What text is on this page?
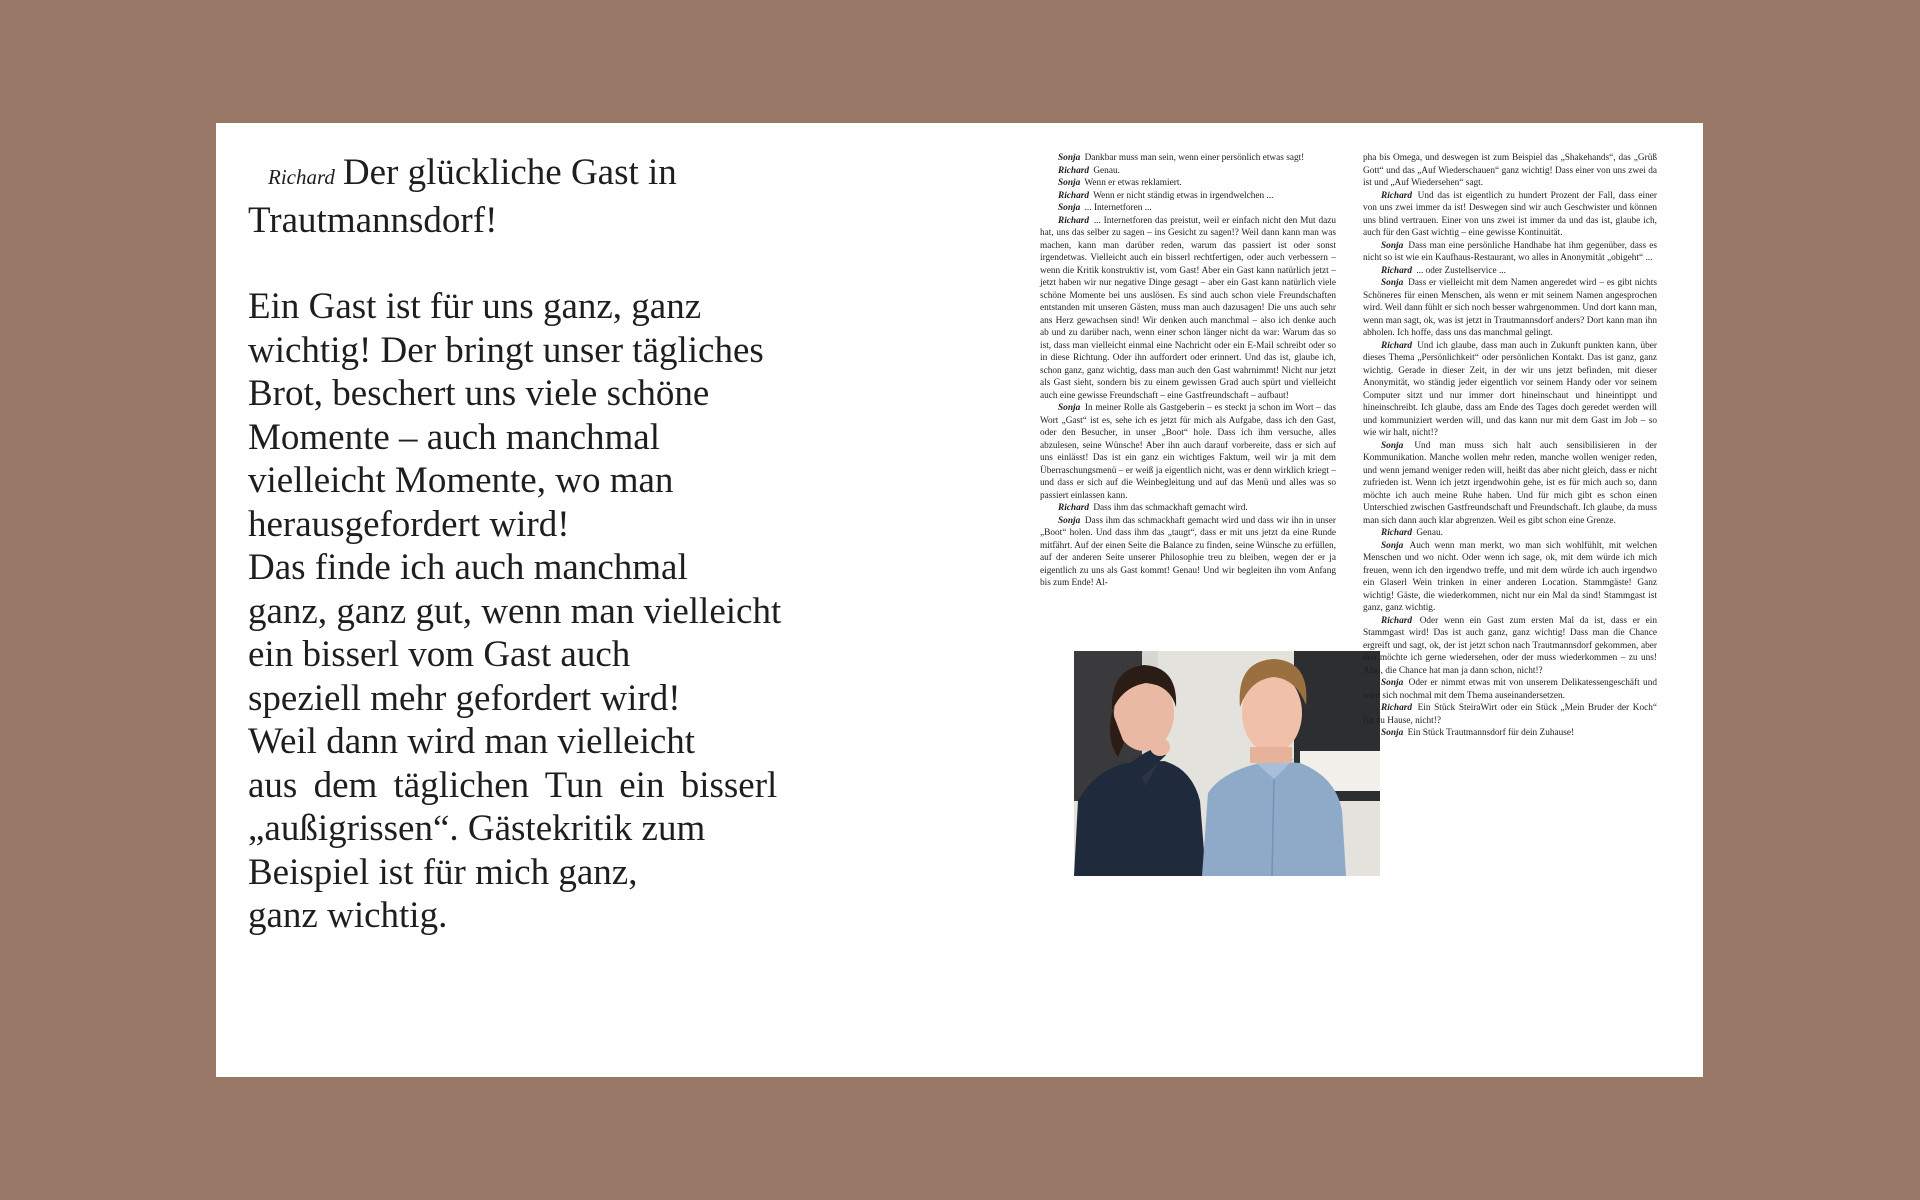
Richard Der glückliche Gast in
Trautmannsdorf!

Ein Gast ist für uns ganz, ganz
wichtig! Der bringt unser tägliches
Brot, beschert uns viele schöne
Momente – auch manchmal
vielleicht Momente, wo man
herausgefordert wird!
Das finde ich auch manchmal
ganz, ganz gut, wenn man vielleicht
ein bisserl vom Gast auch
speziell mehr gefordert wird!
Weil dann wird man vielleicht
aus dem täglichen Tun ein bisserl
„außigrissen“. Gästekritik zum
Beispiel ist für mich ganz,
ganz wichtig.

Sonja Dankbar muss man sein, wenn einer persönlich etwas sagt!

Richard Genau.

Sonja Wenn er etwas reklamiert.

Richard Wenn er nicht ständig etwas in irgendwelchen ...

Sonja ... Internetforen ...

Richard ... Internetforen das preistut, weil er einfach nicht den Mut dazu hat, uns das selber zu sagen – ins Gesicht zu sagen!? Weil dann kann man was machen, kann man darüber reden, warum das passiert ist oder sonst irgendetwas. Vielleicht auch ein bisserl rechtfertigen, oder auch verbessern – wenn die Kritik konstruktiv ist, vom Gast! Aber ein Gast kann natürlich jetzt – jetzt haben wir nur negative Dinge gesagt – aber ein Gast kann natürlich viele schöne Momente bei uns auslösen. Es sind auch schon viele Freundschaften entstanden mit unseren Gästen, muss man auch dazusagen! Die uns auch sehr ans Herz gewachsen sind! Wir denken auch manchmal – also ich denke auch ab und zu darüber nach, wenn einer schon länger nicht da war: Warum das so ist, dass man vielleicht einmal eine Nachricht oder ein E-Mail schreibt oder so in diese Richtung. Oder ihn auffordert oder erinnert. Und das ist, glaube ich, schon ganz, ganz wichtig, dass man auch den Gast wahrnimmt! Nicht nur jetzt als Gast sieht, sondern bis zu einem gewissen Grad auch spürt und vielleicht auch eine gewisse Freundschaft – eine Gastfreundschaft – aufbaut!

Sonja In meiner Rolle als Gastgeberin – es steckt ja schon im Wort – das Wort „Gast“ ist es, sehe ich es jetzt für mich als Aufgabe, dass ich den Gast, oder den Besucher, in unser „Boot“ hole. Dass ich ihm versuche, alles abzulesen, seine Wünsche! Aber ihn auch darauf vorbereite, dass er sich auf uns einlässt! Das ist ein ganz ein wichtiges Faktum, weil wir ja mit dem Überraschungsmenü – er weiß ja eigentlich nicht, was er denn wirklich kriegt – und dass er sich auf die Weinbegleitung und auf das Menü und alles was so passiert einlassen kann.

Richard Dass ihm das schmackhaft gemacht wird.

Sonja Dass ihm das schmackhaft gemacht wird und dass wir ihn in unser „Boot“ holen. Und dass ihm das „taugt“, dass er mit uns jetzt da eine Runde mitfährt. Auf der einen Seite die Balance zu finden, seine Wünsche zu erfüllen, auf der anderen Seite unserer Philosophie treu zu bleiben, wegen der er ja eigentlich zu uns als Gast kommt! Genau! Und wir begleiten ihn vom Anfang bis zum Ende! Al-

pha bis Omega, und deswegen ist zum Beispiel das „Shakehands“, das „Grüß Gott“ und das „Auf Wiederschauen“ ganz wichtig! Dass einer von uns zwei da ist und „Auf Wiedersehen“ sagt.

Richard Und das ist eigentlich zu hundert Prozent der Fall, dass einer von uns zwei immer da ist! Deswegen sind wir auch Geschwister und können uns blind vertrauen. Einer von uns zwei ist immer da und das ist, glaube ich, auch für den Gast wichtig – eine gewisse Kontinuität.

Sonja Dass man eine persönliche Handhabe hat ihm gegenüber, dass es nicht so ist wie ein Kaufhaus-Restaurant, wo alles in Anonymität „obigeht“ ...

Richard ... oder Zustellservice ...

Sonja Dass er vielleicht mit dem Namen angeredet wird – es gibt nichts Schöneres für einen Menschen, als wenn er mit seinem Namen angesprochen wird. Weil dann fühlt er sich noch besser wahrgenommen. Und dort kann man, wenn man sagt, ok, was ist jetzt in Trautmannsdorf anders? Dort kann man ihn abholen. Ich hoffe, dass uns das manchmal gelingt.

Richard Und ich glaube, dass man auch in Zukunft punkten kann, über dieses Thema „Persönlichkeit“ oder persönlichen Kontakt. Das ist ganz, ganz wichtig. Gerade in dieser Zeit, in der wir uns jetzt befinden, mit dieser Anonymität, wo ständig jeder eigentlich vor seinem Handy oder vor seinem Computer sitzt und nur immer dort hineinschaut und hineintippt und hineinschreibt. Ich glaube, dass am Ende des Tages doch geredet werden will und kommuniziert werden will, und das kann nur mit dem Gast im Job – so wie wir halt, nicht!?

Sonja Und man muss sich halt auch sensibilisieren in der Kommunikation. Manche wollen mehr reden, manche wollen weniger reden, und wenn jemand weniger reden will, heißt das aber nicht gleich, dass er nicht zufrieden ist. Wenn ich jetzt irgendwohin gehe, ist es für mich auch so, dann möchte ich auch meine Ruhe haben. Und für mich gibt es schon einen Unterschied zwischen Gastfreundschaft und Freundschaft. Ich glaube, da muss man sich dann auch klar abgrenzen. Weil es gibt schon eine Grenze.

Richard Genau.

Sonja Auch wenn man merkt, wo man sich wohlfühlt, mit welchen Menschen und wo nicht. Oder wenn ich sage, ok, mit dem würde ich mich freuen, wenn ich den irgendwo treffe, und mit dem würde ich auch irgendwo ein Glaserl Wein trinken in einer anderen Location. Stammgäste! Ganz wichtig! Gäste, die wiederkommen, nicht nur ein Mal da sind! Stammgast ist ganz, ganz wichtig.

Richard Oder wenn ein Gast zum ersten Mal da ist, dass er ein Stammgast wird! Das ist auch ganz, ganz wichtig! Dass man die Chance ergreift und sagt, ok, der ist jetzt schon nach Trautmannsdorf gekommen, aber den möchte ich gerne wiedersehen, oder der muss wiederkommen – zu uns! Also, die Chance hat man ja dann schon, nicht!?

Sonja Oder er nimmt etwas mit von unserem Delikatessengeschäft und wird sich nochmal mit dem Thema auseinandersetzen.

Richard Ein Stück SteiraWirt oder ein Stück „Mein Bruder der Koch“ für zu Hause, nicht!?

Sonja Ein Stück Trautmannsdorf für dein Zuhause!
